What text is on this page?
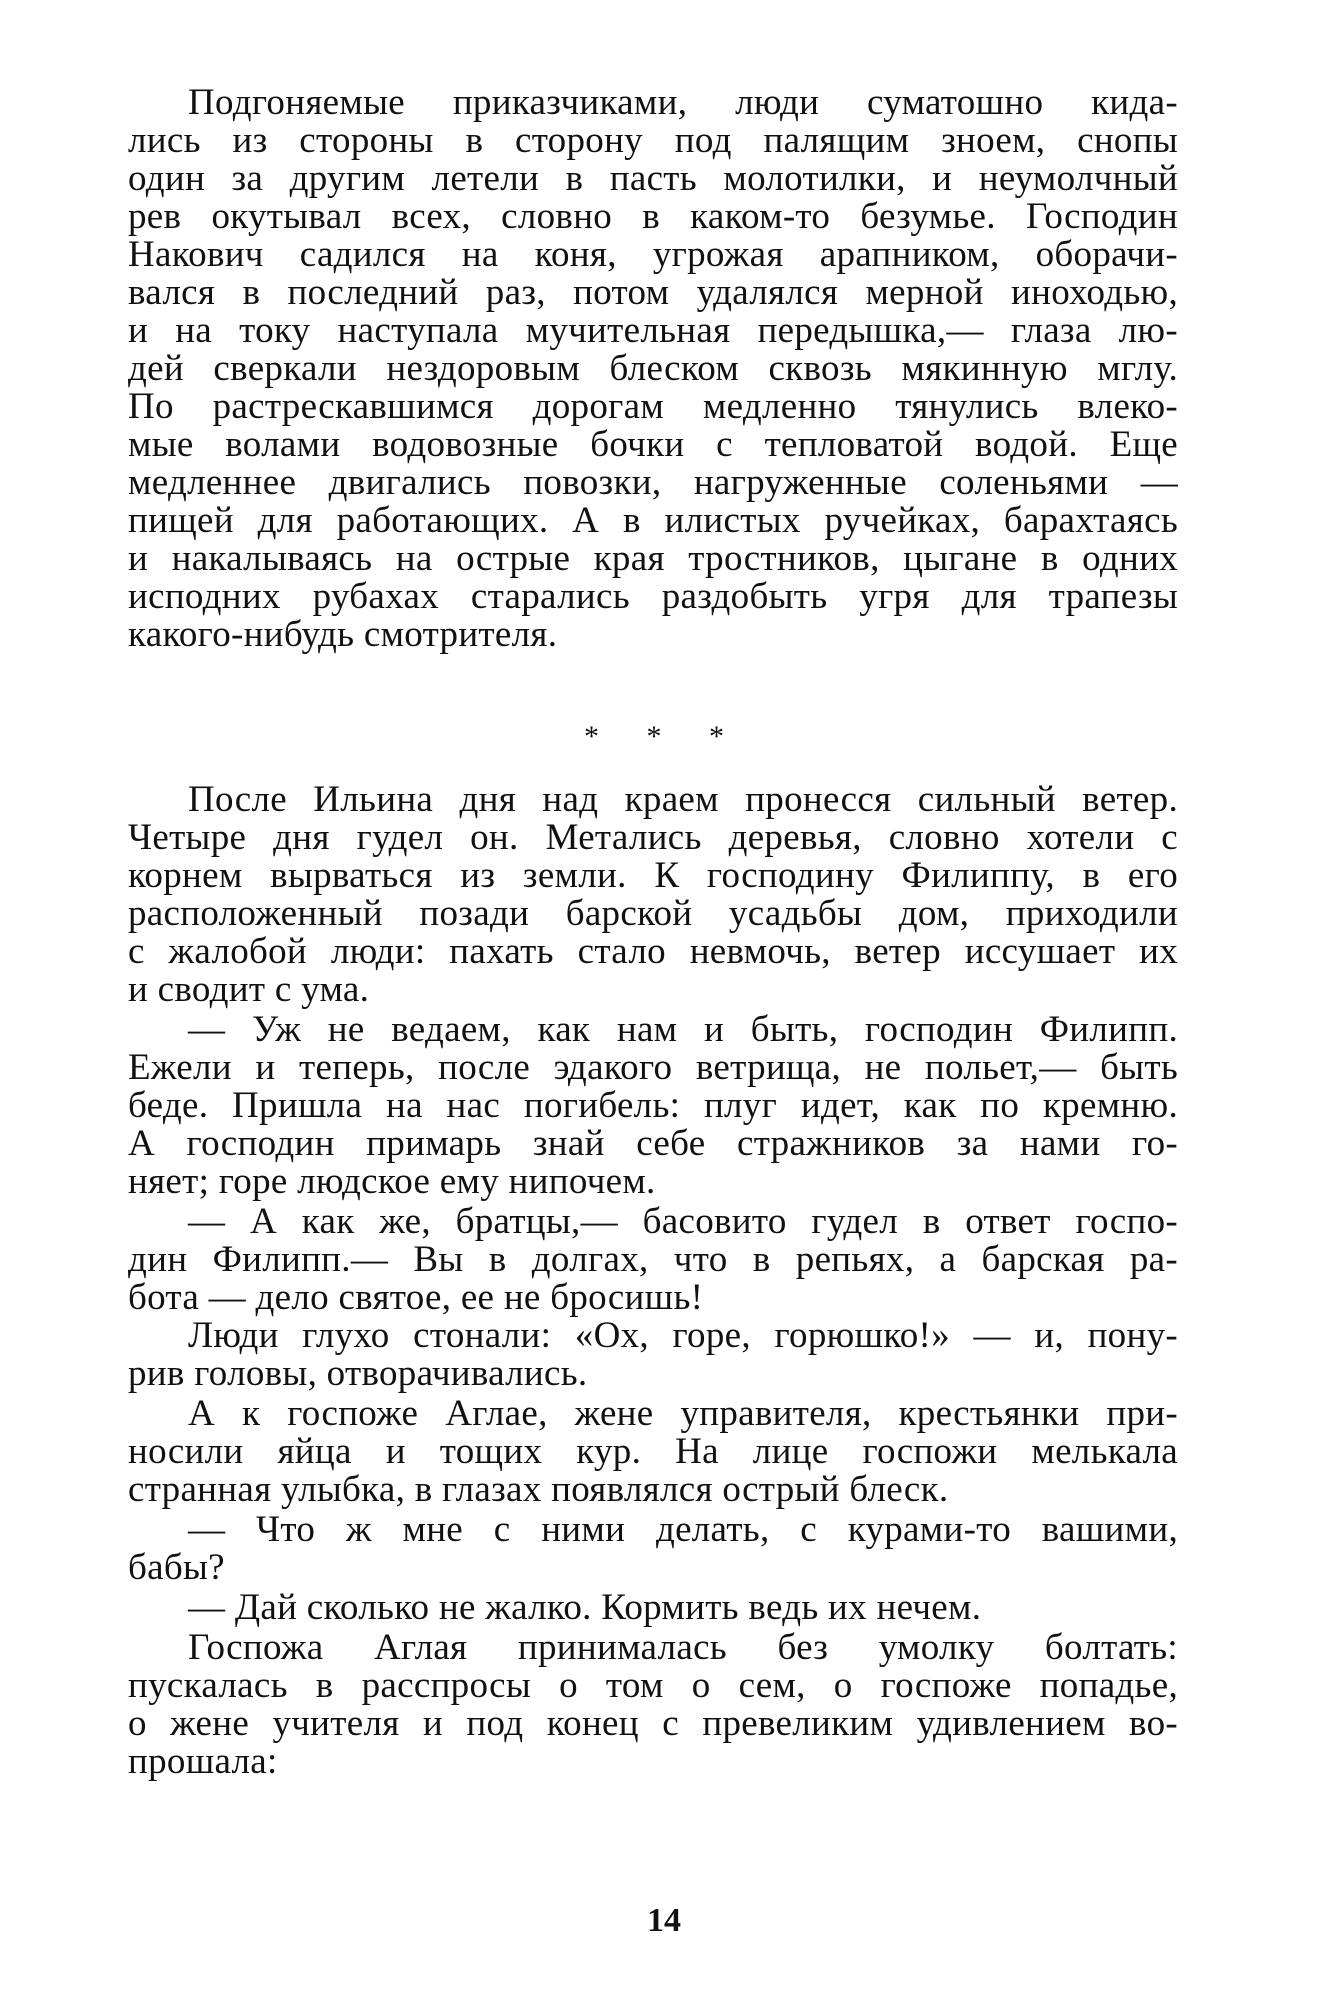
Подгоняемые приказчиками, люди суматошно кида-
лись из стороны в сторону под палящим зноем, снопы
один за другим летели в пасть молотилки, и неумолчный
рев окутывал всех, словно в каком-то безумье. Господин
Накович садился на коня, угрожая арапником, оборачи-
вался в последний раз, потом удалялся мерной иноходью,
и на току наступала мучительная передышка,— глаза лю-
дей сверкали нездоровым блеском сквозь мякинную мглу.
По растрескавшимся дорогам медленно тянулись влеко-
мые волами водовозные бочки с тепловатой водой. Еще
медленнее двигались повозки, нагруженные соленьями —
пищей для работающих. А в илистых ручейках, барахтаясь
и накалываясь на острые края тростников, цыгане в одних
исподних рубахах старались раздобыть угря для трапезы
какого-нибудь смотрителя.
* * *
После Ильина дня над краем пронесся сильный ветер.
Четыре дня гудел он. Метались деревья, словно хотели с
корнем вырваться из земли. К господину Филиппу, в его
расположенный позади барской усадьбы дом, приходили
с жалобой люди: пахать стало невмочь, ветер иссушает их
и сводит с ума.
— Уж не ведаем, как нам и быть, господин Филипп.
Ежели и теперь, после эдакого ветрища, не польет,— быть
беде. Пришла на нас погибель: плуг идет, как по кремню.
А господин примарь знай себе стражников за нами го-
няет; горе людское ему нипочем.
— А как же, братцы,— басовито гудел в ответ госпо-
дин Филипп.— Вы в долгах, что в репьях, а барская ра-
бота — дело святое, ее не бросишь!
Люди глухо стонали: «Ох, горе, горюшко!» — и, пону-
рив головы, отворачивались.
А к госпоже Аглае, жене управителя, крестьянки при-
носили яйца и тощих кур. На лице госпожи мелькала
странная улыбка, в глазах появлялся острый блеск.
— Что ж мне с ними делать, с курами-то вашими,
бабы?
— Дай сколько не жалко. Кормить ведь их нечем.
Госпожа Аглая принималась без умолку болтать:
пускалась в расспросы о том о сем, о госпоже попадье,
о жене учителя и под конец с превеликим удивлением во-
прошала:
14
